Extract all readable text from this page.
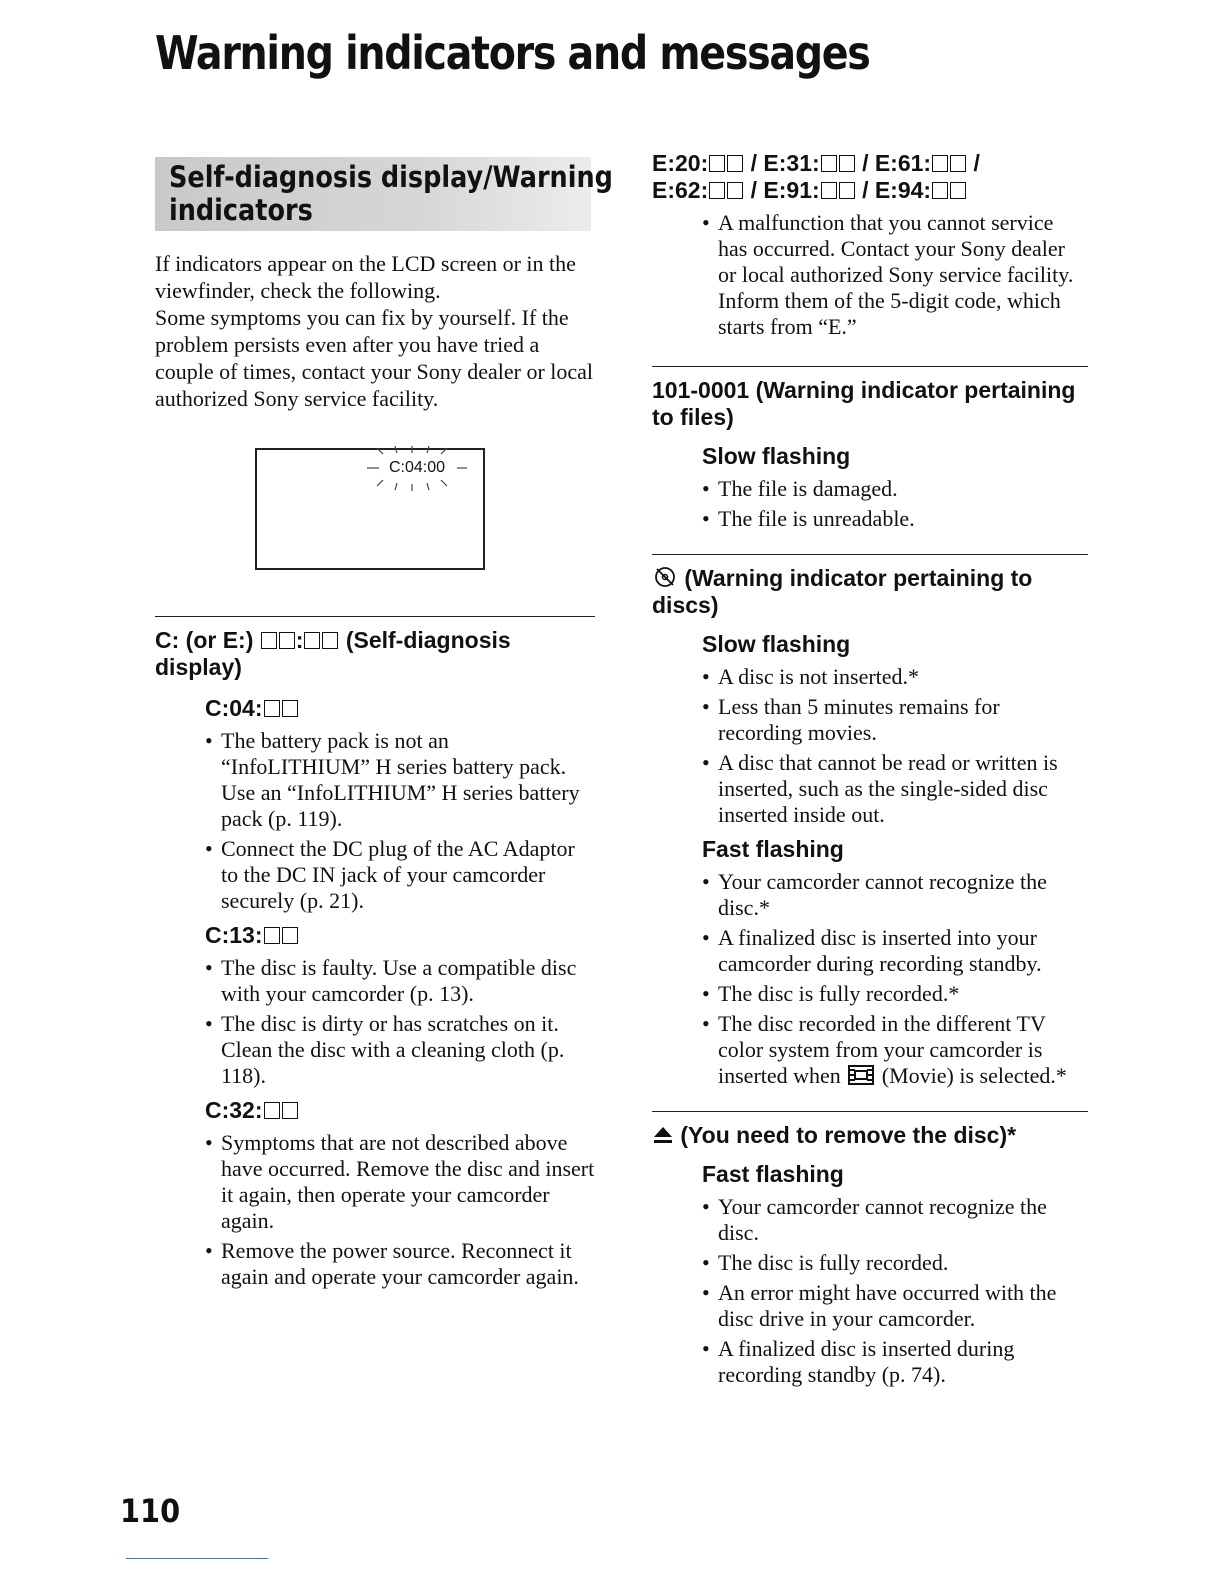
Warning indicators and messages
Self-diagnosis display/Warning
indicators

If indicators appear on the LCD screen or in the viewfinder, check the following.

Some symptoms you can fix by yourself. If the problem persists even after you have tried a couple of times, contact your Sony dealer or local authorized Sony service facility.

C:04:00
C: (or E:) : (Self-diagnosis
display)
C:04:
• The battery pack is not an “InfoLITHIUM” H series battery pack. Use an “InfoLITHIUM” H series battery pack (p. 119).
• Connect the DC plug of the AC Adaptor to the DC IN jack of your camcorder securely (p. 21).
C:13:
• The disc is faulty. Use a compatible disc with your camcorder (p. 13).
• The disc is dirty or has scratches on it. Clean the disc with a cleaning cloth (p. 118).
C:32:
• Symptoms that are not described above have occurred. Remove the disc and insert it again, then operate your camcorder again.
• Remove the power source. Reconnect it again and operate your camcorder again.
E:20: / E:31: / E:61: /
E:62: / E:91: / E:94:
• A malfunction that you cannot service has occurred. Contact your Sony dealer or local authorized Sony service facility. Inform them of the 5-digit code, which starts from “E.”
101-0001 (Warning indicator pertaining to files)
Slow flashing
• The file is damaged.
• The file is unreadable.
(Warning indicator pertaining to discs)
Slow flashing
• A disc is not inserted.*
• Less than 5 minutes remains for recording movies.
• A disc that cannot be read or written is inserted, such as the single-sided disc inserted inside out.
Fast flashing
• Your camcorder cannot recognize the disc.*
• A finalized disc is inserted into your camcorder during recording standby.
• The disc is fully recorded.*
• The disc recorded in the different TV color system from your camcorder is inserted when (Movie) is selected.*
(You need to remove the disc)*
Fast flashing
• Your camcorder cannot recognize the disc.
• The disc is fully recorded.
• An error might have occurred with the disc drive in your camcorder.
• A finalized disc is inserted during recording standby (p. 74).
110
